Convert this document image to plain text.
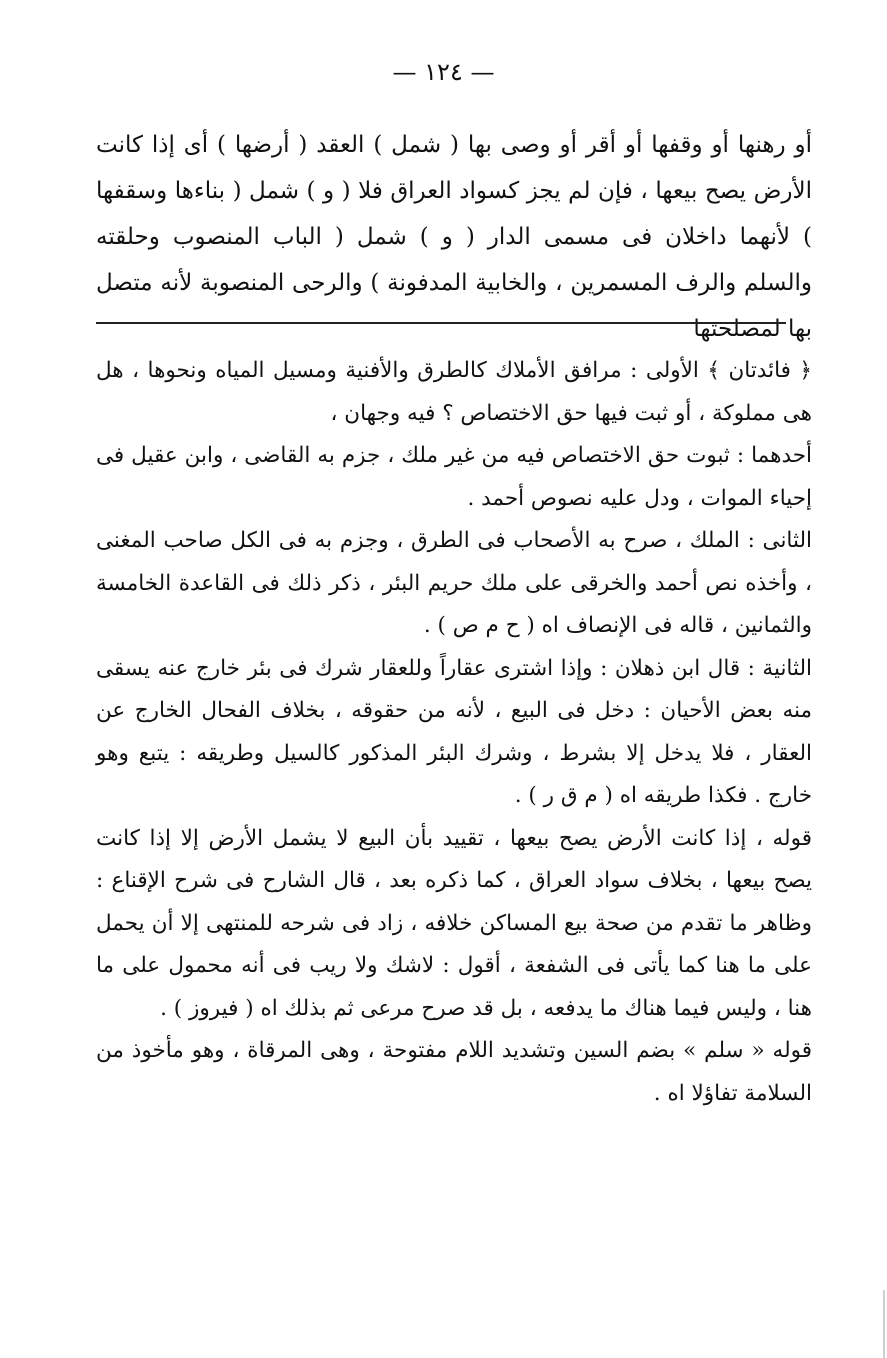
— ١٢٤ —

أو رهنها أو وقفها أو أقر أو وصى بها ( شمل ) العقد ( أرضها ) أى إذا كانت الأرض يصح بيعها ، فإن لم يجز كسواد العراق فلا ( و ) شمل ( بناءها وسقفها ) لأنهما داخلان فى مسمى الدار ( و ) شمل ( الباب المنصوب وحلقته والسلم والرف المسمرين ، والخابية المدفونة ) والرحى المنصوبة لأنه متصل بها لمصلحتها

﴿ فائدتان ﴾ الأولى : مرافق الأملاك كالطرق والأفنية ومسيل المياه ونحوها ، هل هى مملوكة ، أو ثبت فيها حق الاختصاص ؟ فيه وجهان ،

أحدهما : ثبوت حق الاختصاص فيه من غير ملك ، جزم به القاضى ، وابن عقيل فى إحياء الموات ، ودل عليه نصوص أحمد .

الثانى : الملك ، صرح به الأصحاب فى الطرق ، وجزم به فى الكل صاحب المغنى ، وأخذه نص أحمد والخرقى على ملك حريم البئر ، ذكر ذلك فى القاعدة الخامسة والثمانين ، قاله فى الإنصاف اه ( ح م ص ) .

الثانية : قال ابن ذهلان : وإذا اشترى عقاراً وللعقار شرك فى بئر خارج عنه يسقى منه بعض الأحيان : دخل فى البيع ، لأنه من حقوقه ، بخلاف الفحال الخارج عن العقار ، فلا يدخل إلا بشرط ، وشرك البئر المذكور كالسيل وطريقه : يتبع وهو خارج . فكذا طريقه اه ( م ق ر ) .

قوله ، إذا كانت الأرض يصح بيعها ، تقييد بأن البيع لا يشمل الأرض إلا إذا كانت يصح بيعها ، بخلاف سواد العراق ، كما ذكره بعد ، قال الشارح فى شرح الإقناع : وظاهر ما تقدم من صحة بيع المساكن خلافه ، زاد فى شرحه للمنتهى إلا أن يحمل على ما هنا كما يأتى فى الشفعة ، أقول : لاشك ولا ريب فى أنه محمول على ما هنا ، وليس فيما هناك ما يدفعه ، بل قد صرح مرعى ثم بذلك اه ( فيروز ) .

قوله « سلم » بضم السين وتشديد اللام مفتوحة ، وهى المرقاة ، وهو مأخوذ من السلامة تفاؤلا اه .
